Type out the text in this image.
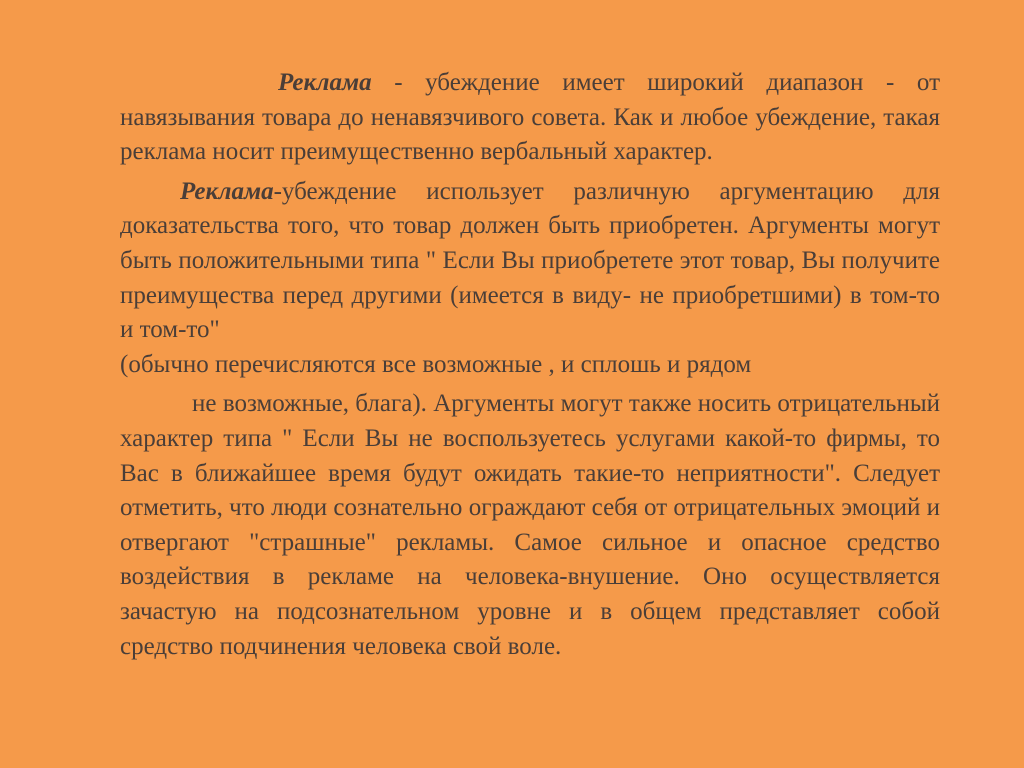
Реклама - убеждение имеет широкий диапазон - от навязывания товара до ненавязчивого совета. Как и любое убеждение, такая реклама носит преимущественно вербальный характер.

Реклама-убеждение использует различную аргументацию для доказательства того, что товар должен быть приобретен. Аргументы могут быть положительными типа " Если Вы приобретете этот товар, Вы получите преимущества перед другими (имеется в виду- не приобретшими) в том-то и том-то"

(обычно перечисляются все возможные , и сплошь и рядом

не возможные, блага). Аргументы могут также носить отрицательный характер типа " Если Вы не воспользуетесь услугами какой-то фирмы, то Вас в ближайшее время будут ожидать такие-то неприятности". Следует отметить, что люди сознательно ограждают себя от отрицательных эмоций и отвергают "страшные" рекламы. Самое сильное и опасное средство воздействия в рекламе на человека-внушение. Оно осуществляется зачастую на подсознательном уровне и в общем представляет собой средство подчинения человека свой воле.
